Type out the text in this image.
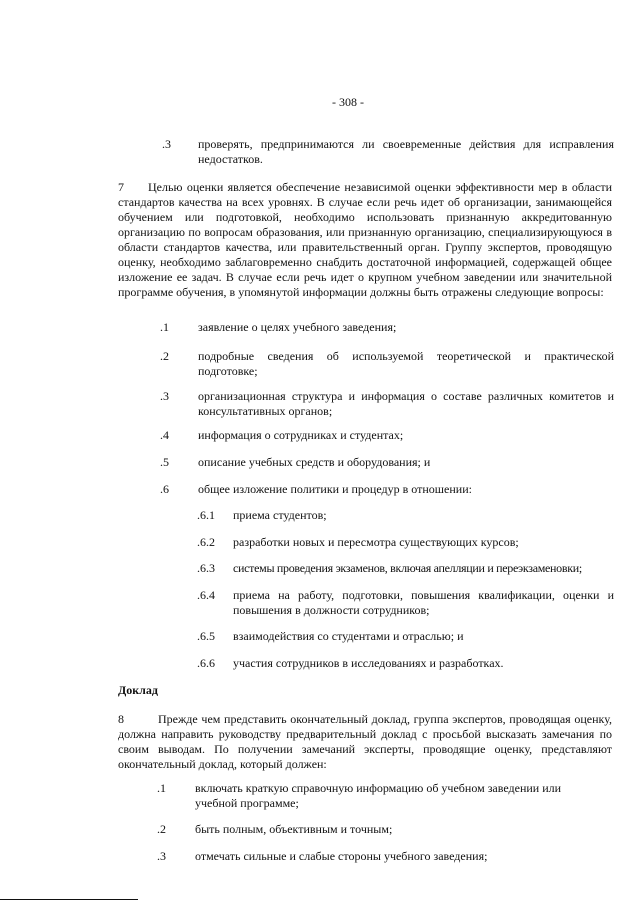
- 308 -
.3 проверять, предпринимаются ли своевременные действия для исправления недостатков.
7 Целью оценки является обеспечение независимой оценки эффективности мер в области стандартов качества на всех уровнях. В случае если речь идет об организации, занимающейся обучением или подготовкой, необходимо использовать признанную аккредитованную организацию по вопросам образования, или признанную организацию, специализирующуюся в области стандартов качества, или правительственный орган. Группу экспертов, проводящую оценку, необходимо заблаговременно снабдить достаточной информацией, содержащей общее изложение ее задач. В случае если речь идет о крупном учебном заведении или значительной программе обучения, в упомянутой информации должны быть отражены следующие вопросы:
.1 заявление о целях учебного заведения;
.2 подробные сведения об используемой теоретической и практической подготовке;
.3 организационная структура и информация о составе различных комитетов и консультативных органов;
.4 информация о сотрудниках и студентах;
.5 описание учебных средств и оборудования; и
.6 общее изложение политики и процедур в отношении:
.6.1 приема студентов;
.6.2 разработки новых и пересмотра существующих курсов;
.6.3 системы проведения экзаменов, включая апелляции и переэкзаменовки;
.6.4 приема на работу, подготовки, повышения квалификации, оценки и повышения в должности сотрудников;
.6.5 взаимодействия со студентами и отраслью; и
.6.6 участия сотрудников в исследованиях и разработках.
Доклад
8	Прежде чем представить окончательный доклад, группа экспертов, проводящая оценку, должна направить руководству предварительный доклад с просьбой высказать замечания по своим выводам. По получении замечаний эксперты, проводящие оценку, представляют окончательный доклад, который должен:
.1 включать краткую справочную информацию об учебном заведении или учебной программе;
.2 быть полным, объективным и точным;
.3 отмечать сильные и слабые стороны учебного заведения;
